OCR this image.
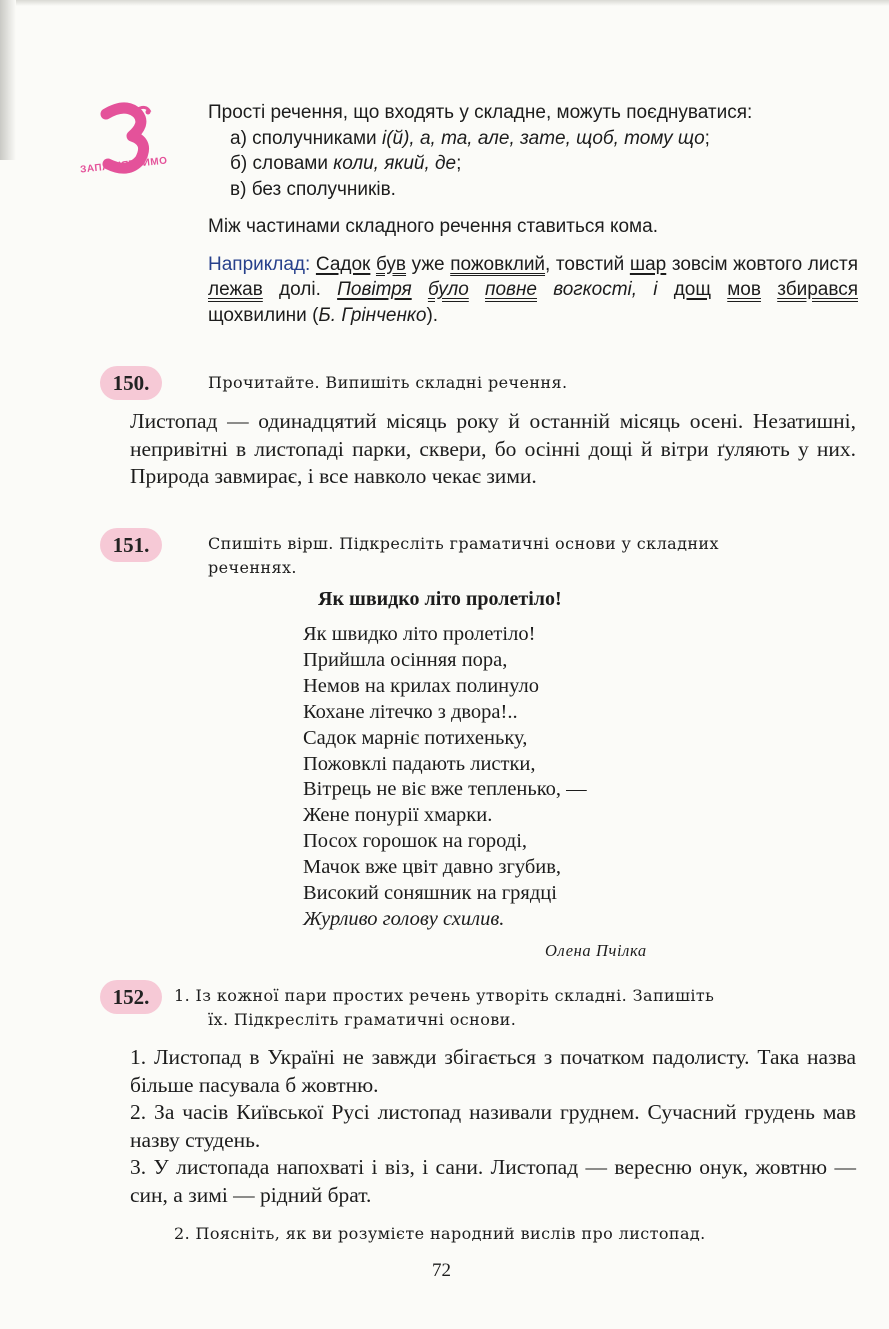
ЗАПАМ'ЯТАЙМО

Прості речення, що входять у складне, можуть поєднуватися:

а) сполучниками і(й), а, та, але, зате, щоб, тому що;

б) словами коли, який, де;

в) без сполучників.

Між частинами складного речення ставиться кома.

Наприклад: Садок був уже пожовклий, товстий шар зовсім жовтого листя лежав долі. Повітря було повне вогкості, і дощ мов збирався щохвилини (Б. Грінченко).

150.	Прочитайте. Випишіть складні речення.

Листопад — одинадцятий місяць року й останній місяць осені. Незатишні, непривітні в листопаді парки, сквери, бо осінні дощі й вітри ґуляють у них. Природа завмирає, і все навколо чекає зими.

151.	Спишіть вірш. Підкресліть граматичні основи у складних
реченнях.
Як швидко літо пролетіло!
Як швидко літо пролетіло!
Прийшла осінняя пора,
Немов на крилах полинуло
Кохане літечко з двора!..
Садок марніє потихеньку,
Пожовклі падають листки,
Вітрець не віє вже тепленько, —
Жене понурії хмарки.
Посох горошок на городі,
Мачок вже цвіт давно згубив,
Високий соняшник на грядці
Журливо голову схилив.
Олена Пчілка
152.	1. Із кожної пари простих речень утворіть складні. Запишіть
їх. Підкресліть граматичні основи.

1. Листопад в Україні не завжди збігається з початком падолисту. Така назва більше пасувала б жовтню.

2. За часів Київської Русі листопад називали груднем. Сучасний грудень мав назву студень.

3. У листопада напохваті і віз, і сани. Листопад — вересню онук, жовтню — син, а зимі — рідний брат.

2. Поясніть, як ви розумієте народний вислів про листопад.
72
